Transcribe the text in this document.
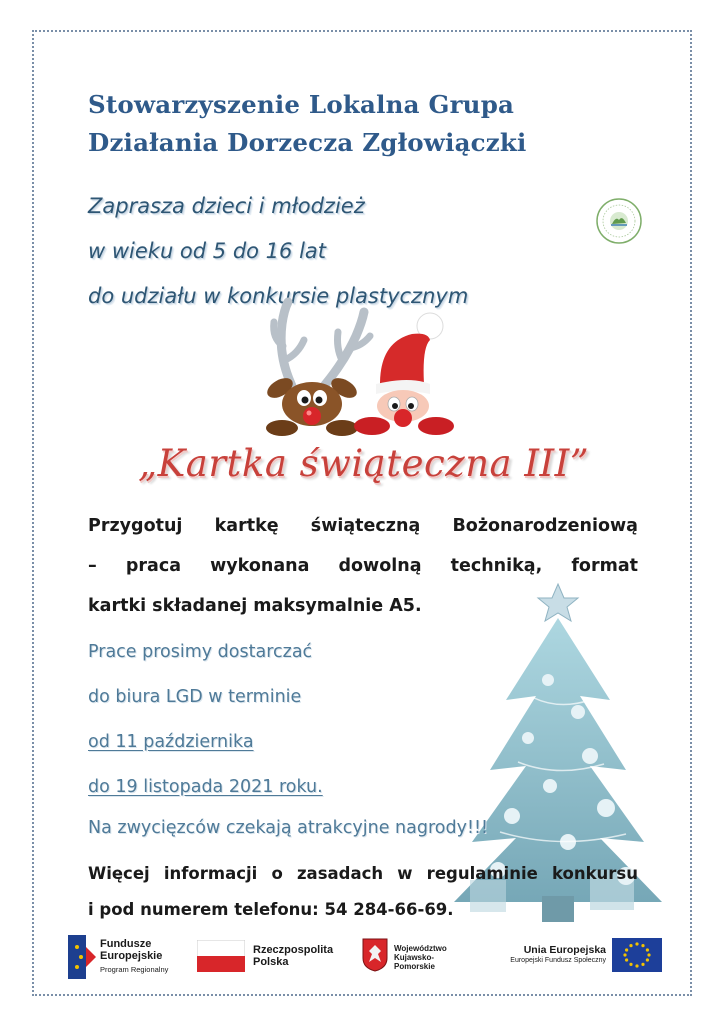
Stowarzyszenie Lokalna Grupa
Działania Dorzecza Zgłowiączki
Zaprasza dzieci i młodzież
w wieku od 5 do 16 lat
do udziału w konkursie plastycznym
„Kartka świąteczna III”
Przygotuj kartkę świąteczną Bożonarodzeniową
– praca wykonana dowolną techniką, format
kartki składanej maksymalnie A5.
Prace prosimy dostarczać
do biura LGD w terminie
od 11 października
do 19 listopada 2021 roku.
Na zwycięzców czekają atrakcyjne nagrody!!!
Więcej informacji o zasadach w regulaminie konkursu
i pod numerem telefonu: 54 284-66-69.
Fundusze
Europejskie
Program Regionalny
Rzeczpospolita
Polska
Województwo
Kujawsko-Pomorskie
Unia Europejska
Europejski Fundusz Społeczny
